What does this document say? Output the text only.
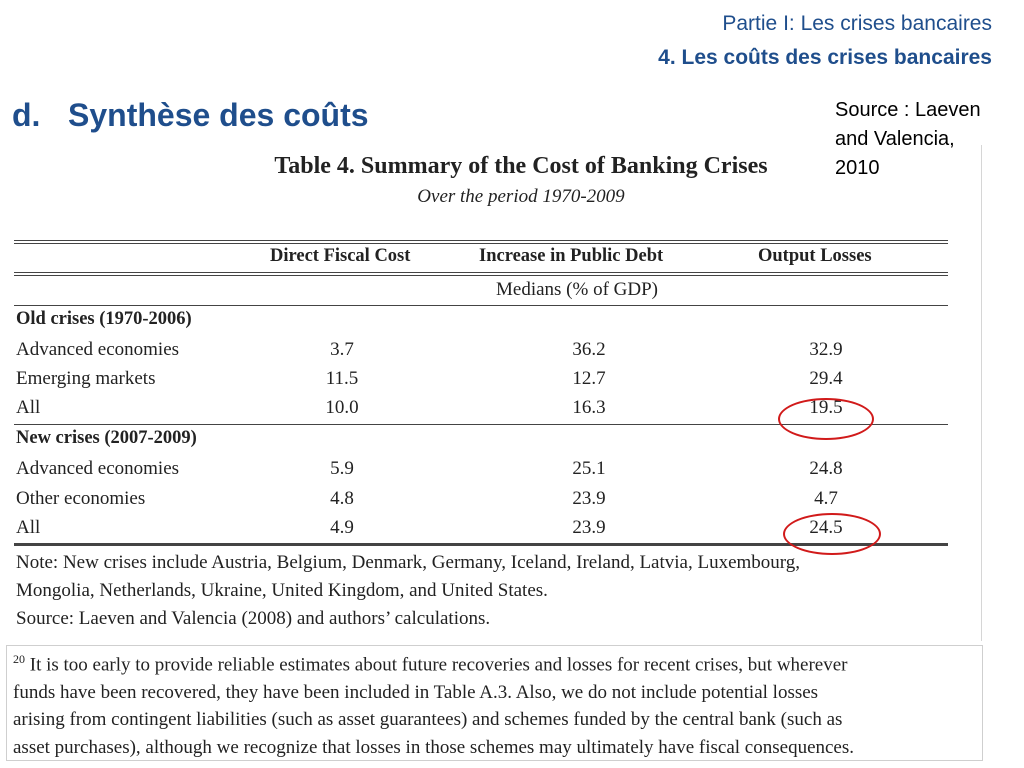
Partie I: Les crises bancaires
4. Les coûts des crises bancaires
d. Synthèse des coûts	Source : Laeven
and Valencia,
2010
Table 4. Summary of the Cost of Banking Crises
Over the period 1970-2009
Direct Fiscal Cost	Increase in Public Debt	Output Losses
Medians (% of GDP)
Old crises (1970-2006)
Advanced economies	3.7	36.2	32.9
Emerging markets	11.5	12.7	29.4
All	10.0	16.3	19.5
New crises (2007-2009)
Advanced economies	5.9	25.1	24.8
Other economies	4.8	23.9	4.7
All	4.9	23.9	24.5
Note: New crises include Austria, Belgium, Denmark, Germany, Iceland, Ireland, Latvia, Luxembourg,
Mongolia, Netherlands, Ukraine, United Kingdom, and United States.
Source: Laeven and Valencia (2008) and authors’ calculations.
$^{20}$ It is too early to provide reliable estimates about future recoveries and losses for recent crises, but wherever
funds have been recovered, they have been included in Table A.3. Also, we do not include potential losses
arising from contingent liabilities (such as asset guarantees) and schemes funded by the central bank (such as
asset purchases), although we recognize that losses in those schemes may ultimately have fiscal consequences.
